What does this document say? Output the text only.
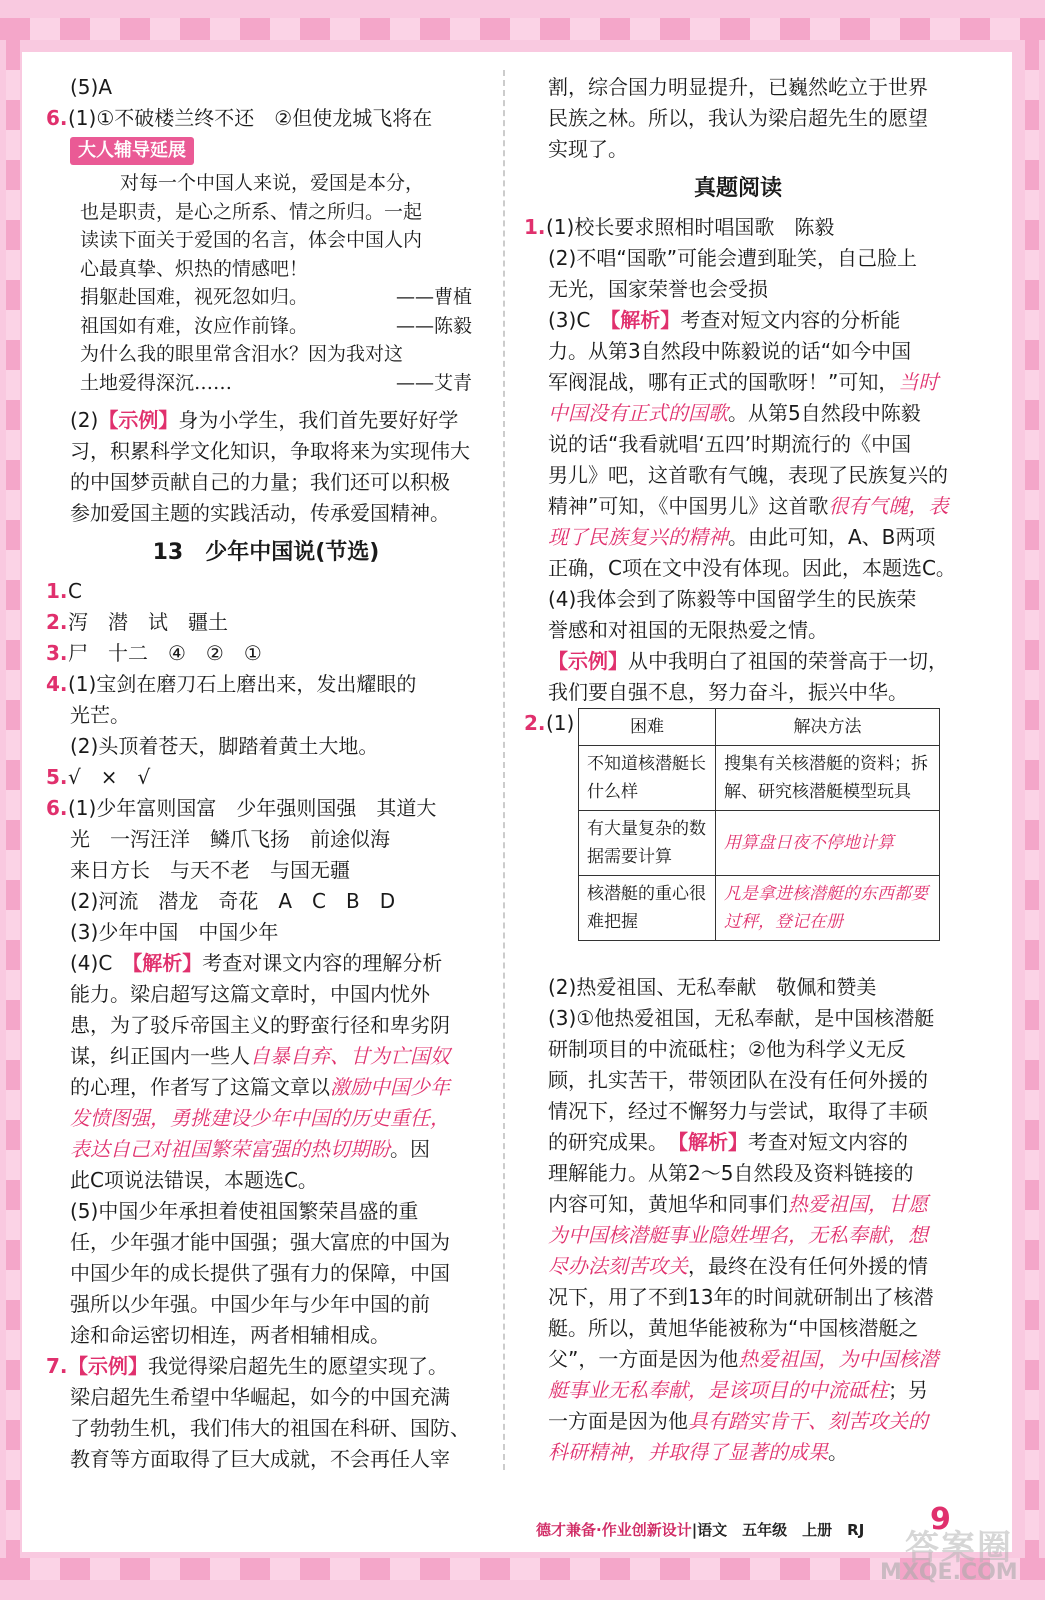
(5)A
6.(1)①不破楼兰终不还　②但使龙城飞将在
大人辅导延展
对每一个中国人来说，爱国是本分，
也是职责，是心之所系、情之所归。一起
读读下面关于爱国的名言，体会中国人内
心最真挚、炽热的情感吧！
捐躯赴国难，视死忽如归。	——曹植
祖国如有难，汝应作前锋。	——陈毅
为什么我的眼里常含泪水？因为我对这
土地爱得深沉……	——艾青
(2)【示例】身为小学生，我们首先要好好学
习，积累科学文化知识，争取将来为实现伟大
的中国梦贡献自己的力量；我们还可以积极
参加爱国主题的实践活动，传承爱国精神。
13　少年中国说(节选)
1.C
2.泻　潜　试　疆土
3.尸　十二　④　②　①
4.(1)宝剑在磨刀石上磨出来，发出耀眼的
光芒。
(2)头顶着苍天，脚踏着黄土大地。
5.√　×　√
6.(1)少年富则国富　少年强则国强　其道大
光　一泻汪洋　鳞爪飞扬　前途似海
来日方长　与天不老　与国无疆
(2)河流　潜龙　奇花　A　C　B　D
(3)少年中国　中国少年
(4)C　【解析】考查对课文内容的理解分析
能力。梁启超写这篇文章时，中国内忧外
患，为了驳斥帝国主义的野蛮行径和卑劣阴
谋，纠正国内一些人自暴自弃、甘为亡国奴
的心理，作者写了这篇文章以激励中国少年
发愤图强，勇挑建设少年中国的历史重任，
表达自己对祖国繁荣富强的热切期盼。因
此C项说法错误，本题选C。
(5)中国少年承担着使祖国繁荣昌盛的重
任，少年强才能中国强；强大富庶的中国为
中国少年的成长提供了强有力的保障，中国
强所以少年强。中国少年与少年中国的前
途和命运密切相连，两者相辅相成。
7.【示例】我觉得梁启超先生的愿望实现了。
梁启超先生希望中华崛起，如今的中国充满
了勃勃生机，我们伟大的祖国在科研、国防、
教育等方面取得了巨大成就，不会再任人宰
割，综合国力明显提升，已巍然屹立于世界
民族之林。所以，我认为梁启超先生的愿望
实现了。
真题阅读
1.(1)校长要求照相时唱国歌　陈毅
(2)不唱“国歌”可能会遭到耻笑，自己脸上
无光，国家荣誉也会受损
(3)C　【解析】考查对短文内容的分析能
力。从第3自然段中陈毅说的话“如今中国
军阀混战，哪有正式的国歌呀！”可知，当时
中国没有正式的国歌。从第5自然段中陈毅
说的话“我看就唱‘五四’时期流行的《中国
男儿》吧，这首歌有气魄，表现了民族复兴的
精神”可知，《中国男儿》这首歌很有气魄，表
现了民族复兴的精神。由此可知，A、B两项
正确，C项在文中没有体现。因此，本题选C。
(4)我体会到了陈毅等中国留学生的民族荣
誉感和对祖国的无限热爱之情。
【示例】从中我明白了祖国的荣誉高于一切，
我们要自强不息，努力奋斗，振兴中华。
2.(1)	困难	解决方法
不知道核潜艇长什么样	搜集有关核潜艇的资料；拆解、研究核潜艇模型玩具
有大量复杂的数据需要计算	用算盘日夜不停地计算
核潜艇的重心很难把握	凡是拿进核潜艇的东西都要过秤，登记在册
(2)热爱祖国、无私奉献　敬佩和赞美
(3)①他热爱祖国，无私奉献，是中国核潜艇
研制项目的中流砥柱；②他为科学义无反
顾，扎实苦干，带领团队在没有任何外援的
情况下，经过不懈努力与尝试，取得了丰硕
的研究成果。　【解析】考查对短文内容的
理解能力。从第2～5自然段及资料链接的
内容可知，黄旭华和同事们热爱祖国，甘愿
为中国核潜艇事业隐姓埋名，无私奉献，想
尽办法刻苦攻关，最终在没有任何外援的情
况下，用了不到13年的时间就研制出了核潜
艇。所以，黄旭华能被称为“中国核潜艇之
父”，一方面是因为他热爱祖国，为中国核潜
艇事业无私奉献，是该项目的中流砥柱；另
一方面是因为他具有踏实肯干、刻苦攻关的
科研精神，并取得了显著的成果。
德才兼备·作业创新设计|语文　五年级　上册　RJ 9
答案圈
MXQE.COM
